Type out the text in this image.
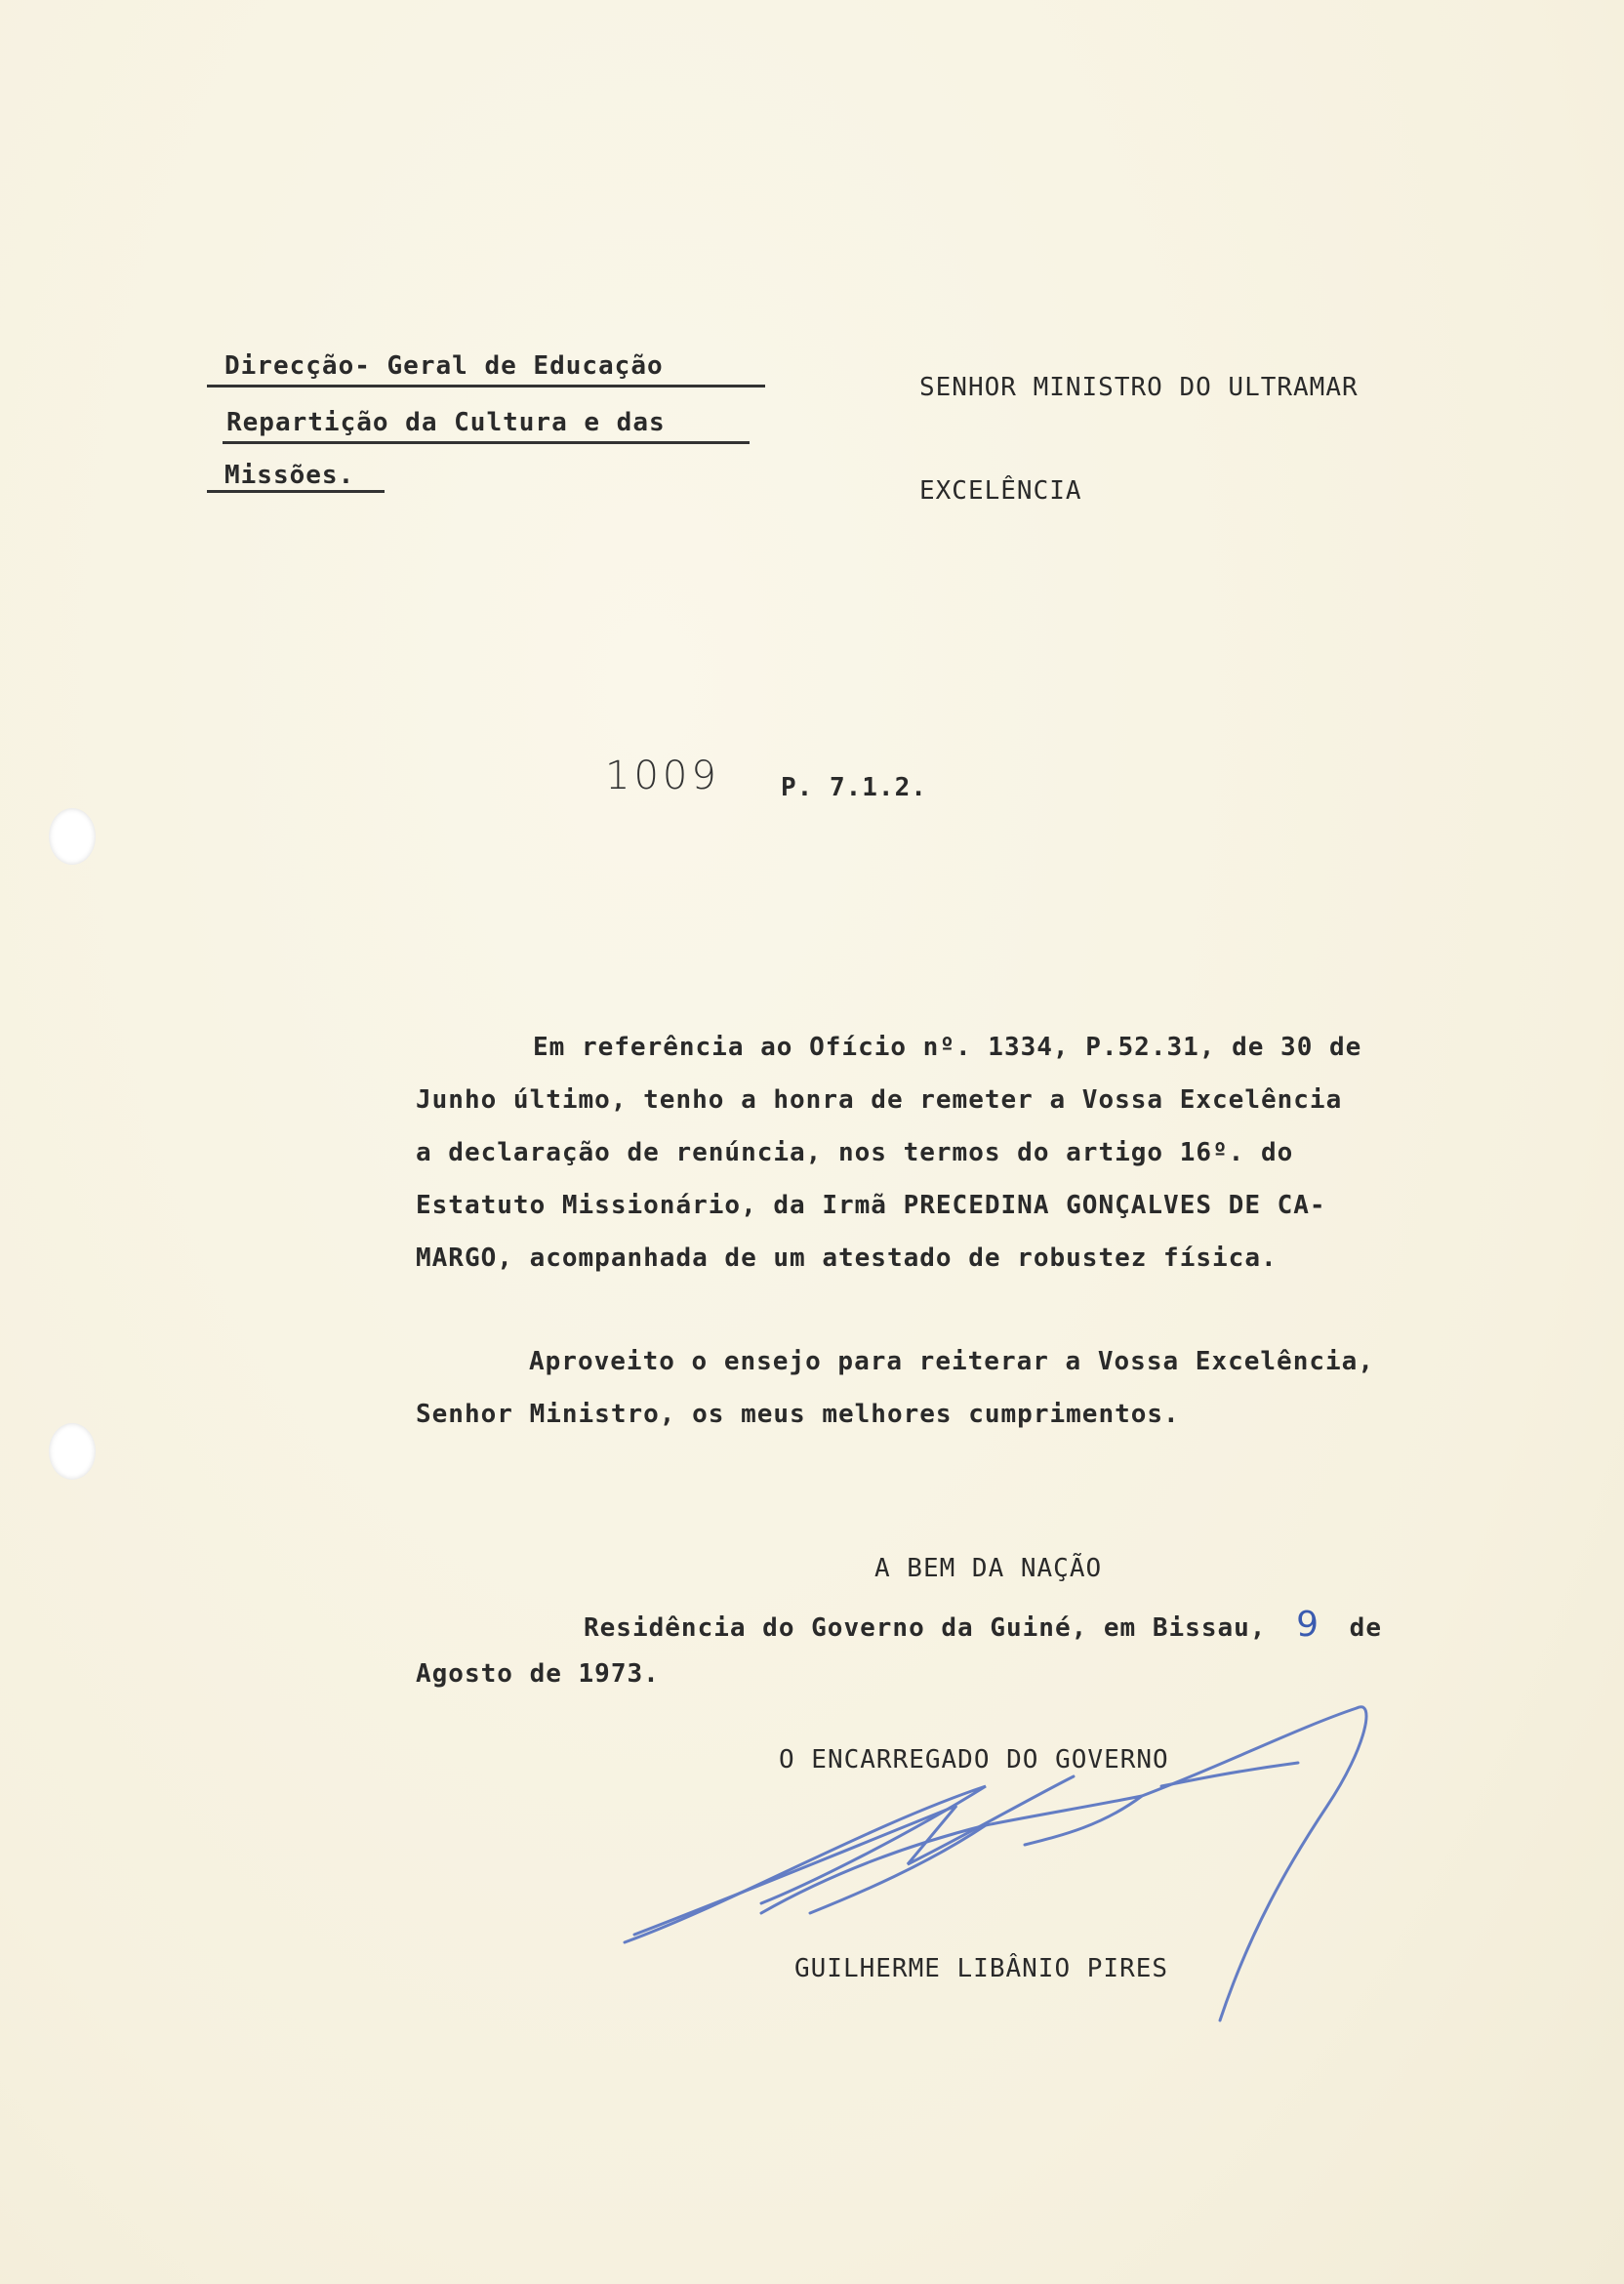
Direcção- Geral de Educação
Repartição da Cultura e das
Missões.
SENHOR MINISTRO DO ULTRAMAR
EXCELÊNCIA
1009 P. 7.1.2.
Em referência ao Ofício nº. 1334, P.52.31, de 30 de
Junho último, tenho a honra de remeter a Vossa Excelência
a declaração de renúncia, nos termos do artigo 16º. do
Estatuto Missionário, da Irmã PRECEDINA GONÇALVES DE CA-
MARGO, acompanhada de um atestado de robustez física.
Aproveito o ensejo para reiterar a Vossa Excelência,
Senhor Ministro, os meus melhores cumprimentos.
A BEM DA NAÇÃO
Residência do Governo da Guiné, em Bissau, 9 de
Agosto de 1973.
O ENCARREGADO DO GOVERNO
GUILHERME LIBÂNIO PIRES
